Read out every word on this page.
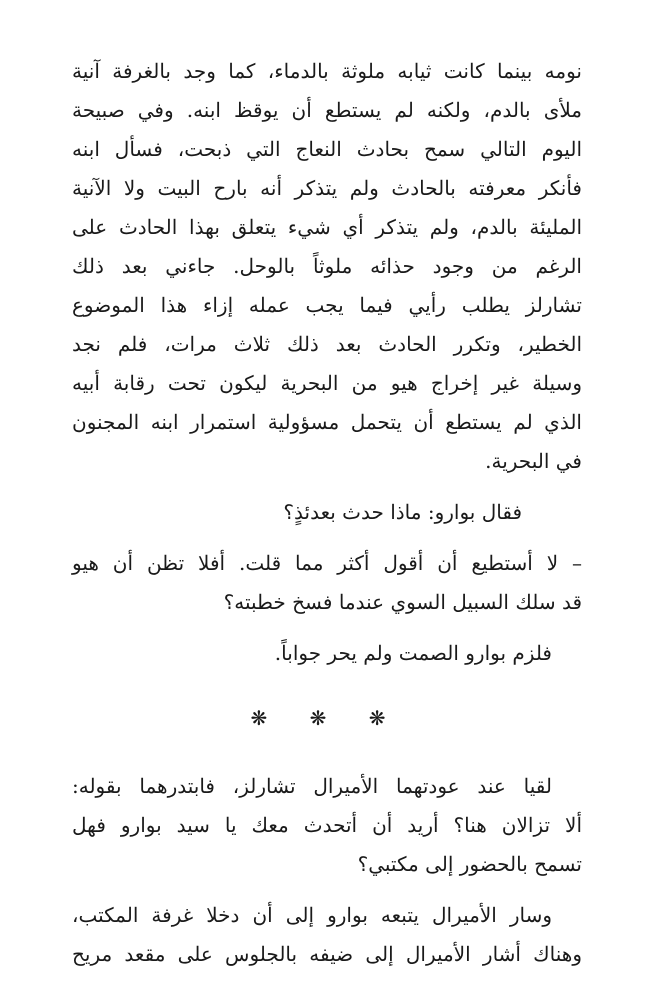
نومه بينما كانت ثيابه ملوثة بالدماء، كما وجد بالغرفة آنية
ملأى بالدم، ولكنه لم يستطع أن يوقظ ابنه. وفي صبيحة
اليوم التالي سمح بحادث النعاج التي ذبحت، فسأل ابنه
فأنكر معرفته بالحادث ولم يتذكر أنه بارح البيت ولا الآنية
المليئة بالدم، ولم يتذكر أي شيء يتعلق بهذا الحادث على
الرغم من وجود حذائه ملوثاً بالوحل. جاءني بعد ذلك
تشارلز يطلب رأيي فيما يجب عمله إزاء هذا الموضوع
الخطير، وتكرر الحادث بعد ذلك ثلاث مرات، فلم نجد
وسيلة غير إخراج هيو من البحرية ليكون تحت رقابة أبيه
الذي لم يستطع أن يتحمل مسؤولية استمرار ابنه المجنون
في البحرية.
فقال بوارو: ماذا حدث بعدئذٍ؟
– لا أستطيع أن أقول أكثر مما قلت. أفلا تظن أن هيو
قد سلك السبيل السوي عندما فسخ خطبته؟
فلزم بوارو الصمت ولم يحر جواباً.
❋ ❋ ❋
لقيا عند عودتهما الأميرال تشارلز، فابتدرهما بقوله:
ألا تزالان هنا؟ أريد أن أتحدث معك يا سيد بوارو فهل
تسمح بالحضور إلى مكتبي؟
وسار الأميرال يتبعه بوارو إلى أن دخلا غرفة المكتب،
وهناك أشار الأميرال إلى ضيفه بالجلوس على مقعد مريح
